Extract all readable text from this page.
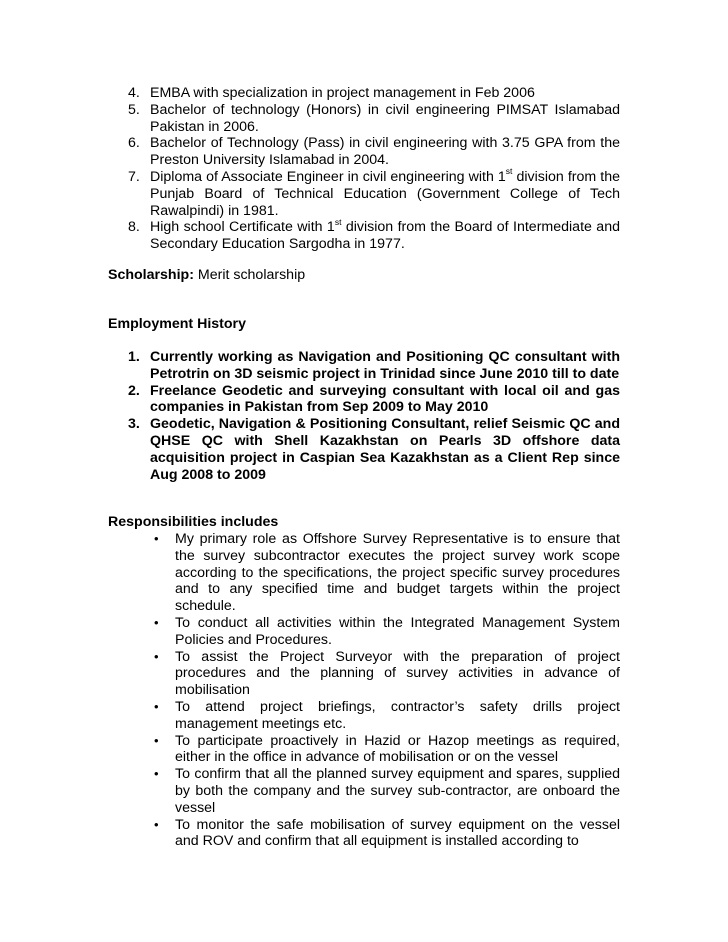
4. EMBA with specialization in project management in Feb 2006
5. Bachelor of technology (Honors) in civil engineering PIMSAT Islamabad Pakistan in 2006.
6. Bachelor of Technology (Pass) in civil engineering with 3.75 GPA from the Preston University Islamabad in 2004.
7. Diploma of Associate Engineer in civil engineering with 1st division from the Punjab Board of Technical Education (Government College of Tech Rawalpindi) in 1981.
8. High school Certificate with 1st division from the Board of Intermediate and Secondary Education Sargodha in 1977.
Scholarship: Merit scholarship
Employment History
1. Currently working as Navigation and Positioning QC consultant with Petrotrin on 3D seismic project in Trinidad since June 2010 till to date
2. Freelance Geodetic and surveying consultant with local oil and gas companies in Pakistan from Sep 2009 to May 2010
3. Geodetic, Navigation & Positioning Consultant, relief Seismic QC and QHSE QC with Shell Kazakhstan on Pearls 3D offshore data acquisition project in Caspian Sea Kazakhstan as a Client Rep since Aug 2008 to 2009
Responsibilities includes
• My primary role as Offshore Survey Representative is to ensure that the survey subcontractor executes the project survey work scope according to the specifications, the project specific survey procedures and to any specified time and budget targets within the project schedule.
• To conduct all activities within the Integrated Management System Policies and Procedures.
• To assist the Project Surveyor with the preparation of project procedures and the planning of survey activities in advance of mobilisation
• To attend project briefings, contractor’s safety drills project management meetings etc.
• To participate proactively in Hazid or Hazop meetings as required, either in the office in advance of mobilisation or on the vessel
• To confirm that all the planned survey equipment and spares, supplied by both the company and the survey sub-contractor, are onboard the vessel
• To monitor the safe mobilisation of survey equipment on the vessel and ROV and confirm that all equipment is installed according to
